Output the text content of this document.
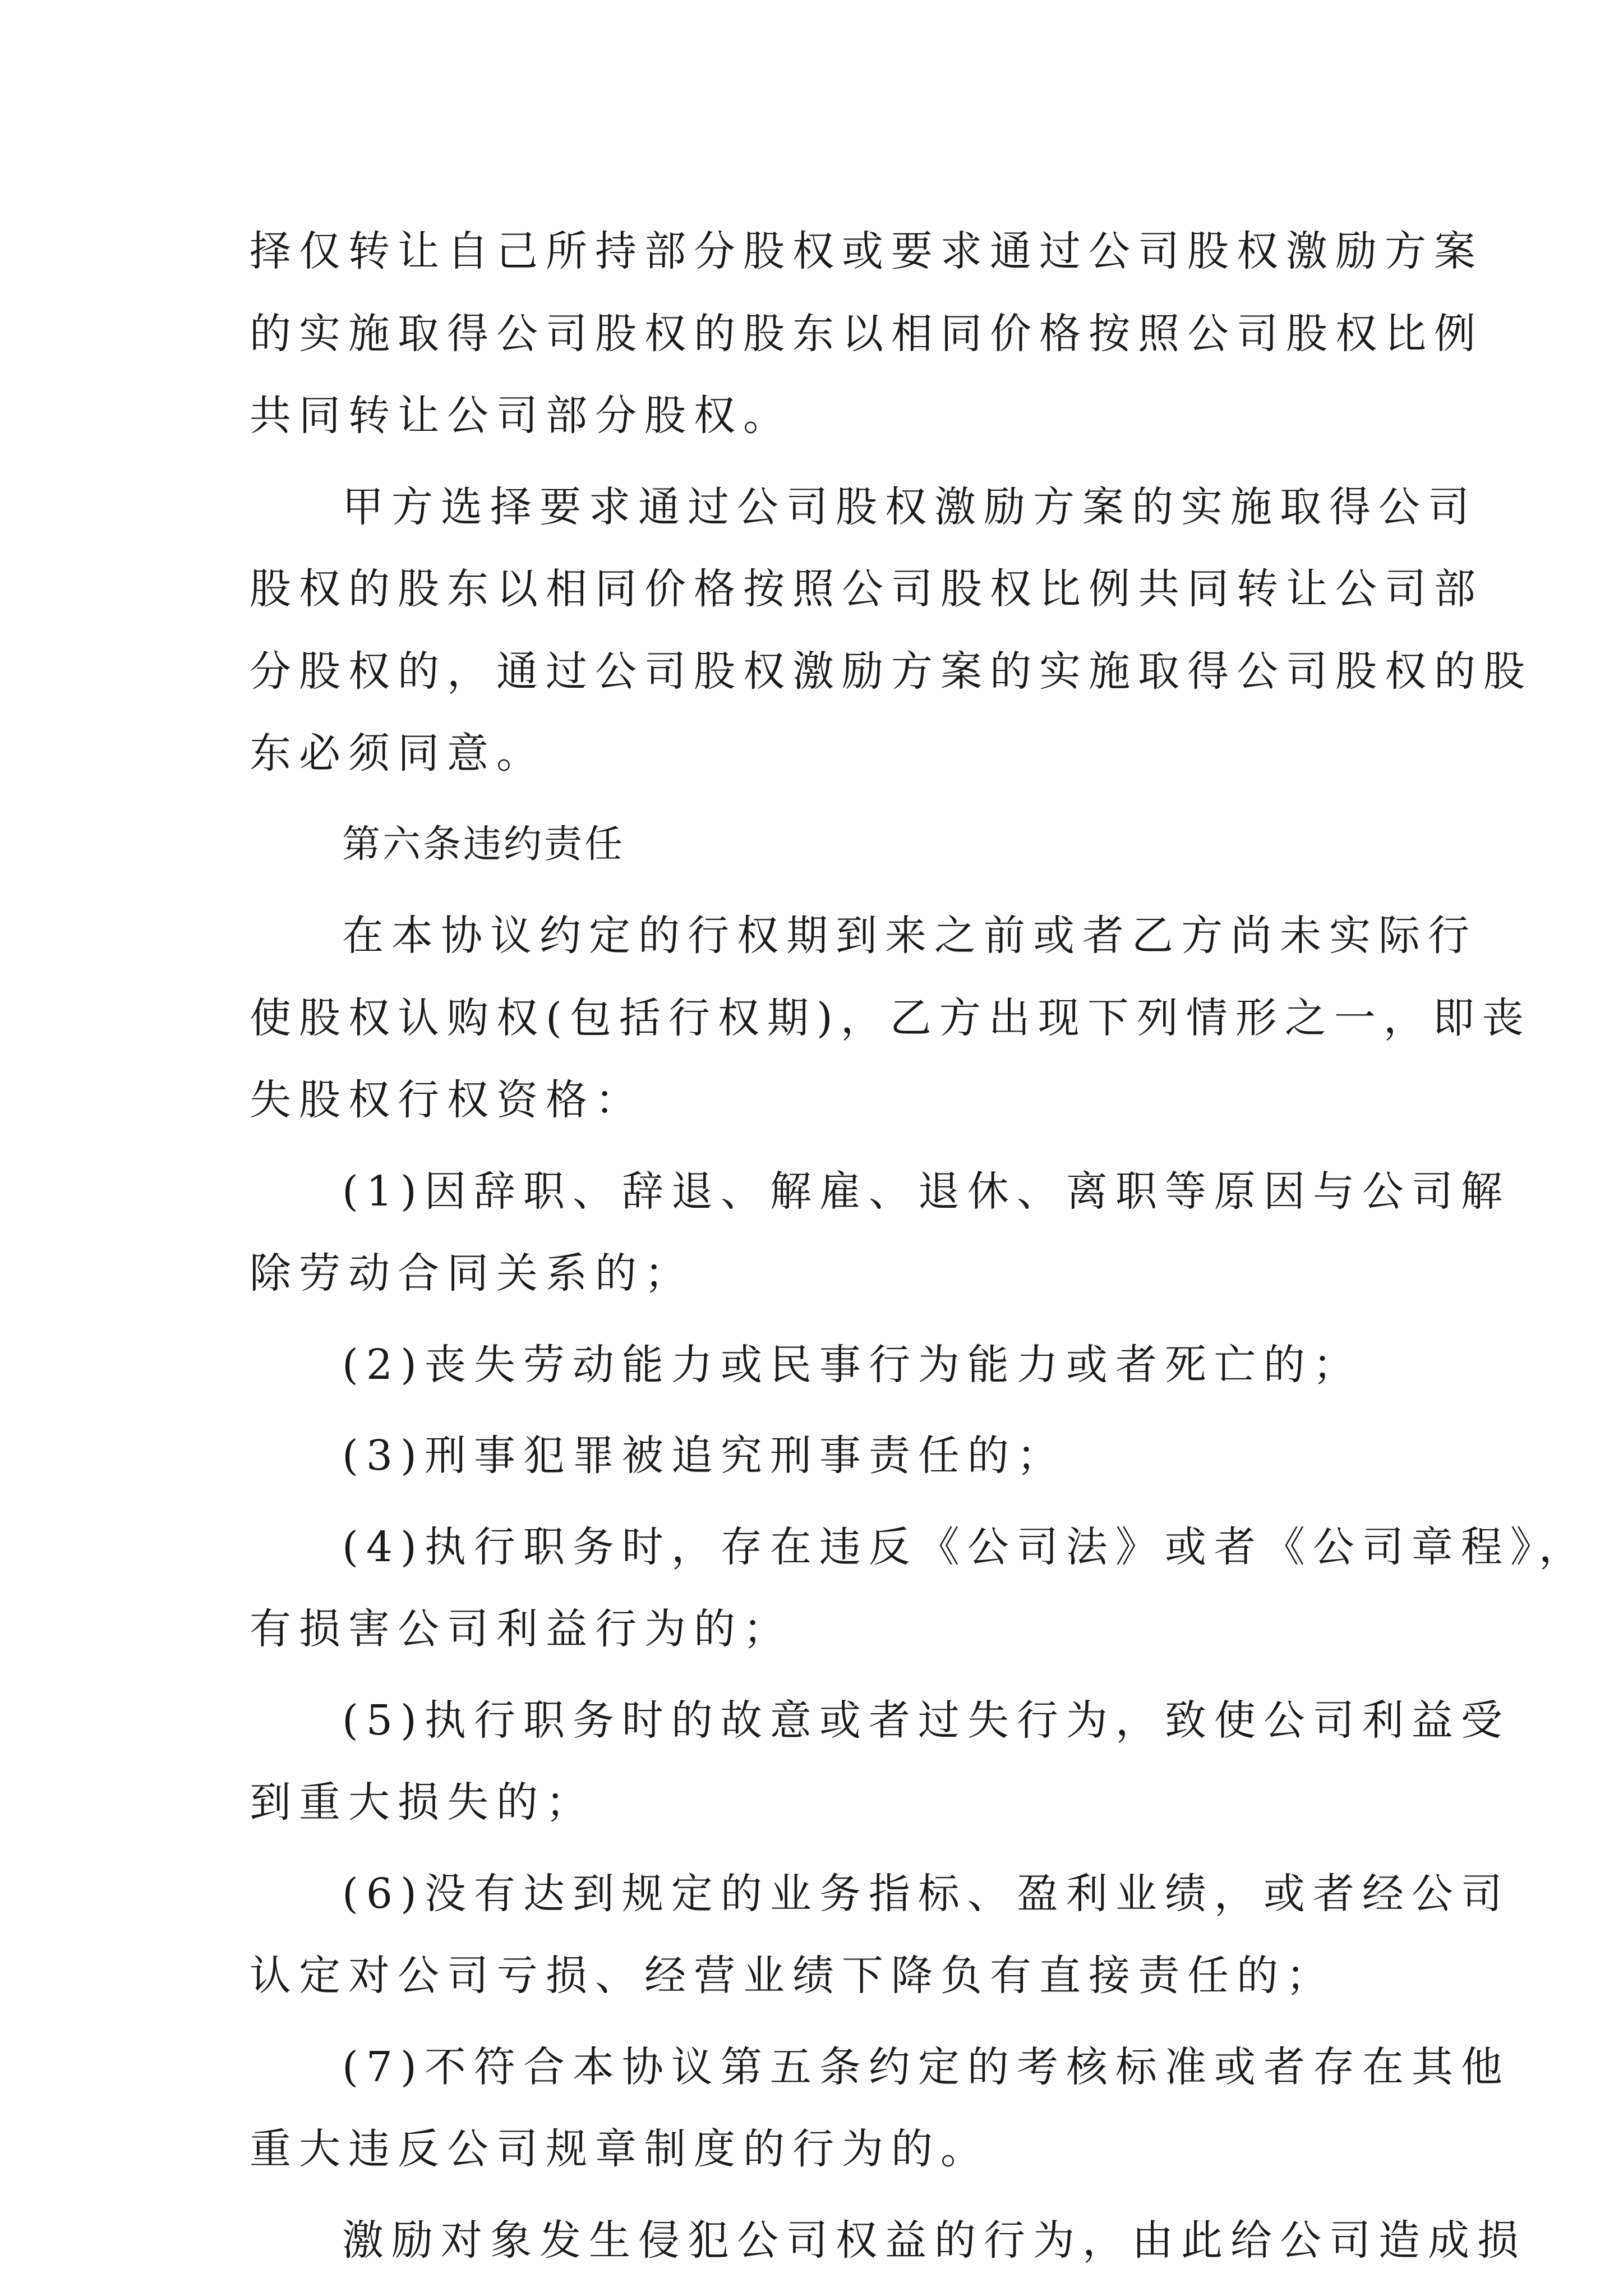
择仅转让自己所持部分股权或要求通过公司股权激励方案
的实施取得公司股权的股东以相同价格按照公司股权比例
共同转让公司部分股权。
甲方选择要求通过公司股权激励方案的实施取得公司
股权的股东以相同价格按照公司股权比例共同转让公司部
分股权的，通过公司股权激励方案的实施取得公司股权的股
东必须同意。
第六条违约责任
在本协议约定的行权期到来之前或者乙方尚未实际行
使股权认购权(包括行权期)，乙方出现下列情形之一，即丧
失股权行权资格：
(1)因辞职、辞退、解雇、退休、离职等原因与公司解
除劳动合同关系的；
(2)丧失劳动能力或民事行为能力或者死亡的；
(3)刑事犯罪被追究刑事责任的；
(4)执行职务时，存在违反《公司法》或者《公司章程》，
有损害公司利益行为的；
(5)执行职务时的故意或者过失行为，致使公司利益受
到重大损失的；
(6)没有达到规定的业务指标、盈利业绩，或者经公司
认定对公司亏损、经营业绩下降负有直接责任的；
(7)不符合本协议第五条约定的考核标准或者存在其他
重大违反公司规章制度的行为的。
激励对象发生侵犯公司权益的行为，由此给公司造成损
